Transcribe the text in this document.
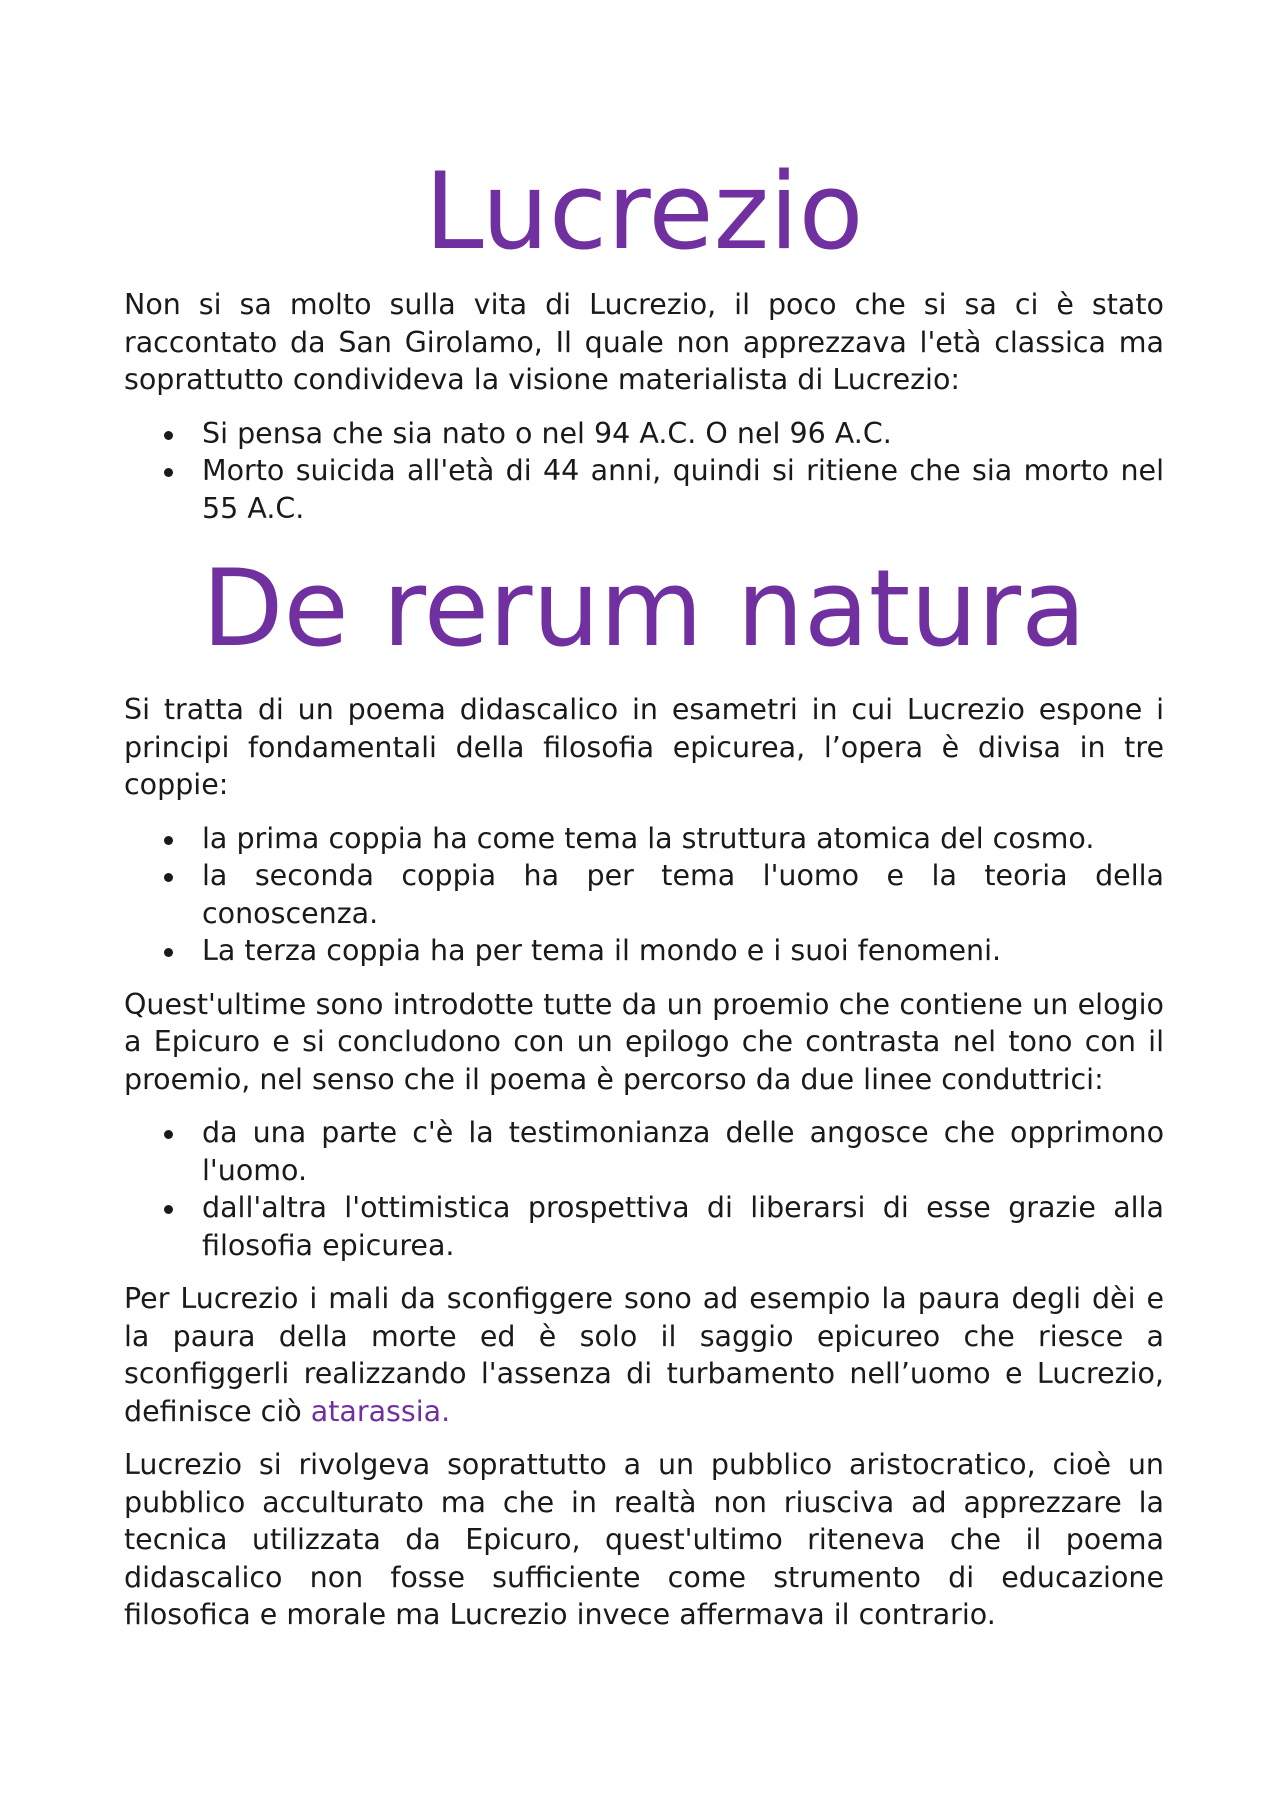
Lucrezio

Non si sa molto sulla vita di Lucrezio, il poco che si sa ci è stato raccontato da San Girolamo, Il quale non apprezzava l'età classica ma soprattutto condivideva la visione materialista di Lucrezio:

Si pensa che sia nato o nel 94 A.C. O nel 96 A.C.
Morto suicida all'età di 44 anni, quindi si ritiene che sia morto nel 55 A.C.
De rerum natura

Si tratta di un poema didascalico in esametri in cui Lucrezio espone i principi fondamentali della filosofia epicurea, l’opera è divisa in tre coppie:

la prima coppia ha come tema la struttura atomica del cosmo.
la seconda coppia ha per tema l'uomo e la teoria della conoscenza.
La terza coppia ha per tema il mondo e i suoi fenomeni.

Quest'ultime sono introdotte tutte da un proemio che contiene un elogio a Epicuro e si concludono con un epilogo che contrasta nel tono con il proemio, nel senso che il poema è percorso da due linee conduttrici:

da una parte c'è la testimonianza delle angosce che opprimono l'uomo.
dall'altra l'ottimistica prospettiva di liberarsi di esse grazie alla filosofia epicurea.

Per Lucrezio i mali da sconfiggere sono ad esempio la paura degli dèi e la paura della morte ed è solo il saggio epicureo che riesce a sconfiggerli realizzando l'assenza di turbamento nell’uomo e Lucrezio, definisce ciò atarassia.

Lucrezio si rivolgeva soprattutto a un pubblico aristocratico, cioè un pubblico acculturato ma che in realtà non riusciva ad apprezzare la tecnica utilizzata da Epicuro, quest'ultimo riteneva che il poema didascalico non fosse sufficiente come strumento di educazione filosofica e morale ma Lucrezio invece affermava il contrario.
